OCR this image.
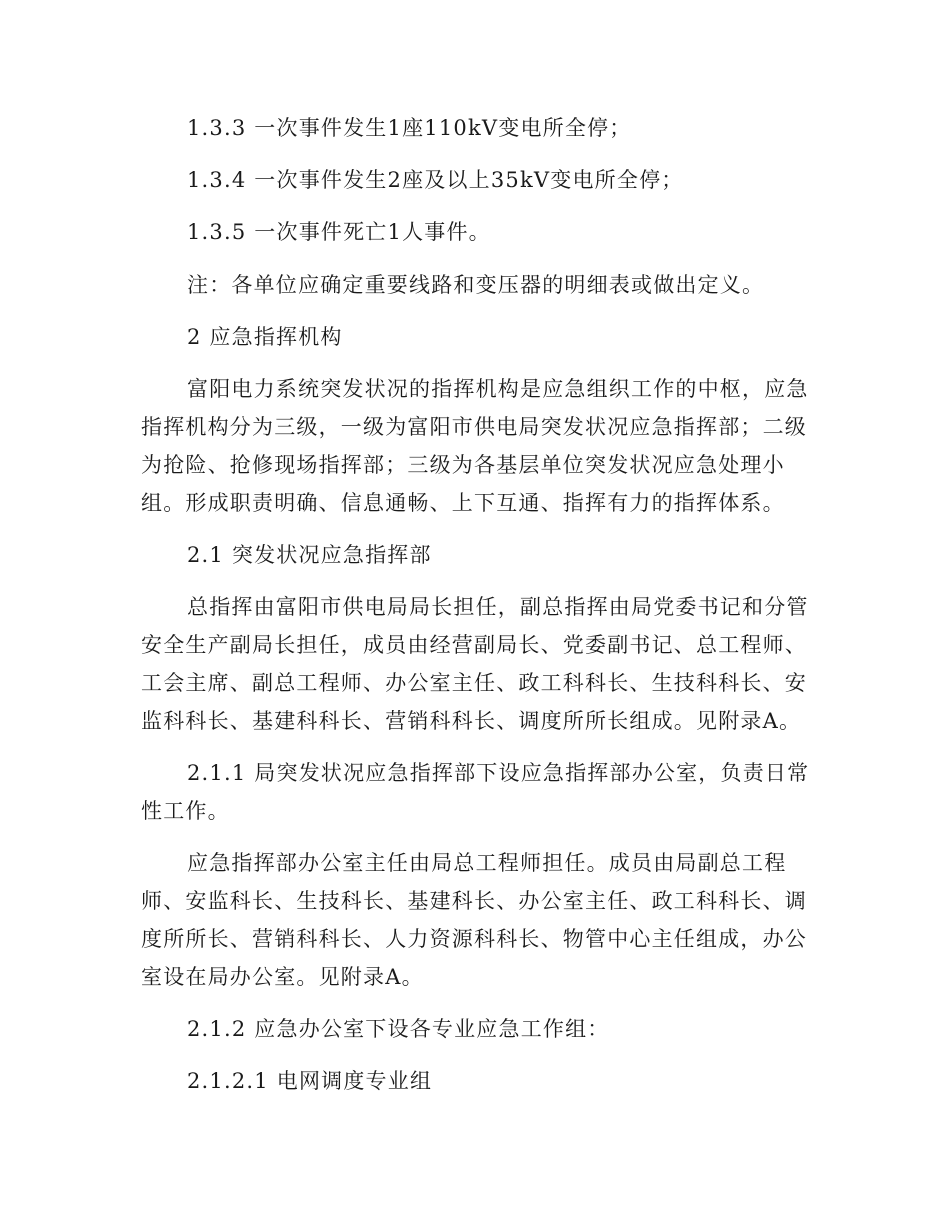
1.3.3 一次事件发生1座110kV变电所全停；
1.3.4 一次事件发生2座及以上35kV变电所全停；
1.3.5 一次事件死亡1人事件。
注：各单位应确定重要线路和变压器的明细表或做出定义。
2 应急指挥机构
富阳电力系统突发状况的指挥机构是应急组织工作的中枢，应急
指挥机构分为三级，一级为富阳市供电局突发状况应急指挥部；二级
为抢险、抢修现场指挥部；三级为各基层单位突发状况应急处理小
组。形成职责明确、信息通畅、上下互通、指挥有力的指挥体系。
2.1 突发状况应急指挥部
总指挥由富阳市供电局局长担任，副总指挥由局党委书记和分管
安全生产副局长担任，成员由经营副局长、党委副书记、总工程师、
工会主席、副总工程师、办公室主任、政工科科长、生技科科长、安
监科科长、基建科科长、营销科科长、调度所所长组成。见附录A。
2.1.1 局突发状况应急指挥部下设应急指挥部办公室，负责日常
性工作。
应急指挥部办公室主任由局总工程师担任。成员由局副总工程
师、安监科长、生技科长、基建科长、办公室主任、政工科科长、调
度所所长、营销科科长、人力资源科科长、物管中心主任组成，办公
室设在局办公室。见附录A。
2.1.2 应急办公室下设各专业应急工作组：
2.1.2.1 电网调度专业组
